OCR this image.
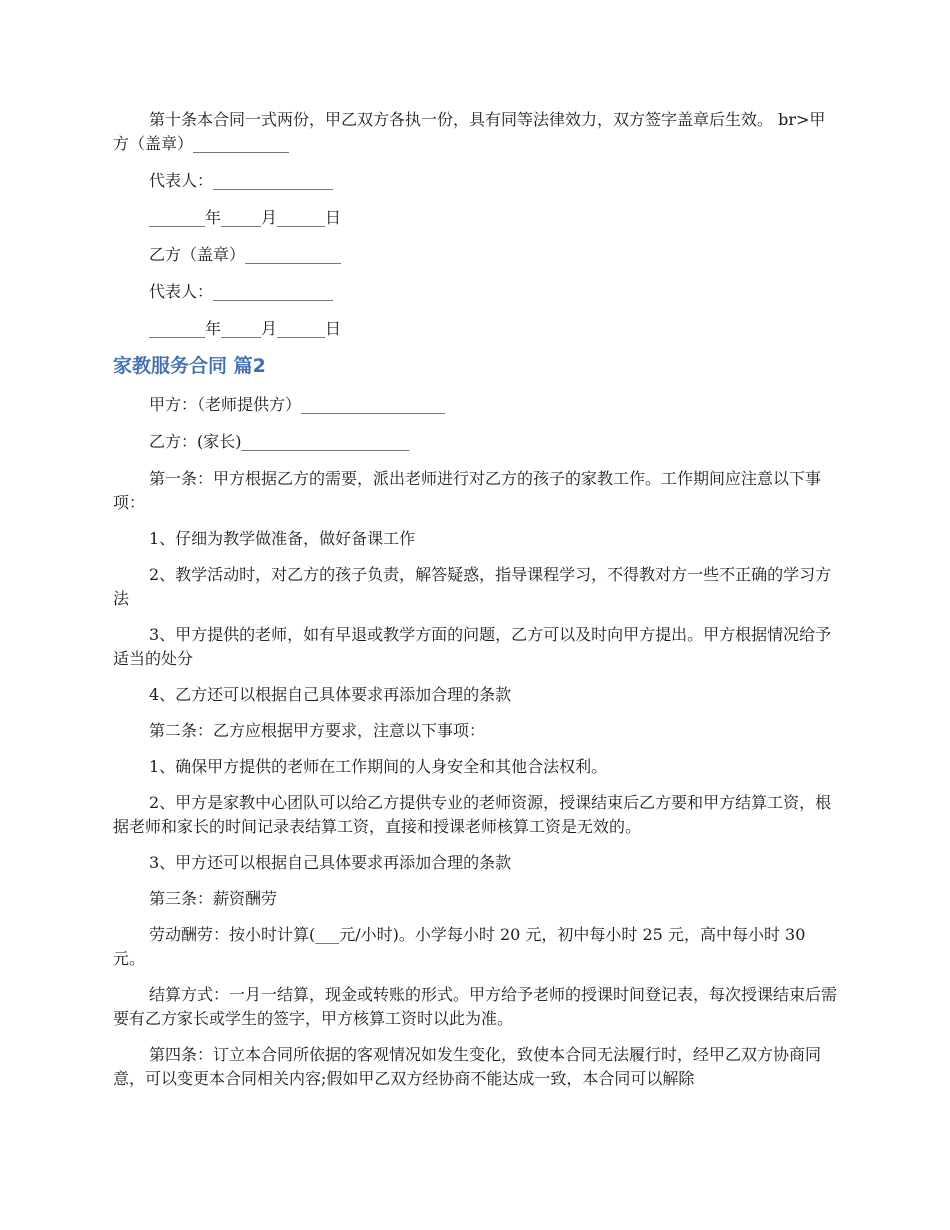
第十条本合同一式两份，甲乙双方各执一份，具有同等法律效力，双方签字盖章后生效。 br>甲方（盖章）____________

代表人：_______________

_______年_____月______日

乙方（盖章）____________

代表人：_______________

_______年_____月______日

家教服务合同 篇2

甲方：（老师提供方）__________________

乙方：(家长)_____________________

第一条：甲方根据乙方的需要，派出老师进行对乙方的孩子的家教工作。工作期间应注意以下事项：

1、仔细为教学做准备，做好备课工作

2、教学活动时，对乙方的孩子负责，解答疑惑，指导课程学习，不得教对方一些不正确的学习方法

3、甲方提供的老师，如有早退或教学方面的问题，乙方可以及时向甲方提出。甲方根据情况给予适当的处分

4、乙方还可以根据自己具体要求再添加合理的条款

第二条：乙方应根据甲方要求，注意以下事项：

1、确保甲方提供的老师在工作期间的人身安全和其他合法权利。

2、甲方是家教中心团队可以给乙方提供专业的老师资源，授课结束后乙方要和甲方结算工资，根据老师和家长的时间记录表结算工资，直接和授课老师核算工资是无效的。

3、甲方还可以根据自己具体要求再添加合理的条款

第三条：薪资酬劳

劳动酬劳：按小时计算(___元/小时)。小学每小时 20 元，初中每小时 25 元，高中每小时 30 元。

结算方式：一月一结算，现金或转账的形式。甲方给予老师的授课时间登记表，每次授课结束后需要有乙方家长或学生的签字，甲方核算工资时以此为准。

第四条：订立本合同所依据的客观情况如发生变化，致使本合同无法履行时，经甲乙双方协商同意，可以变更本合同相关内容;假如甲乙双方经协商不能达成一致，本合同可以解除
